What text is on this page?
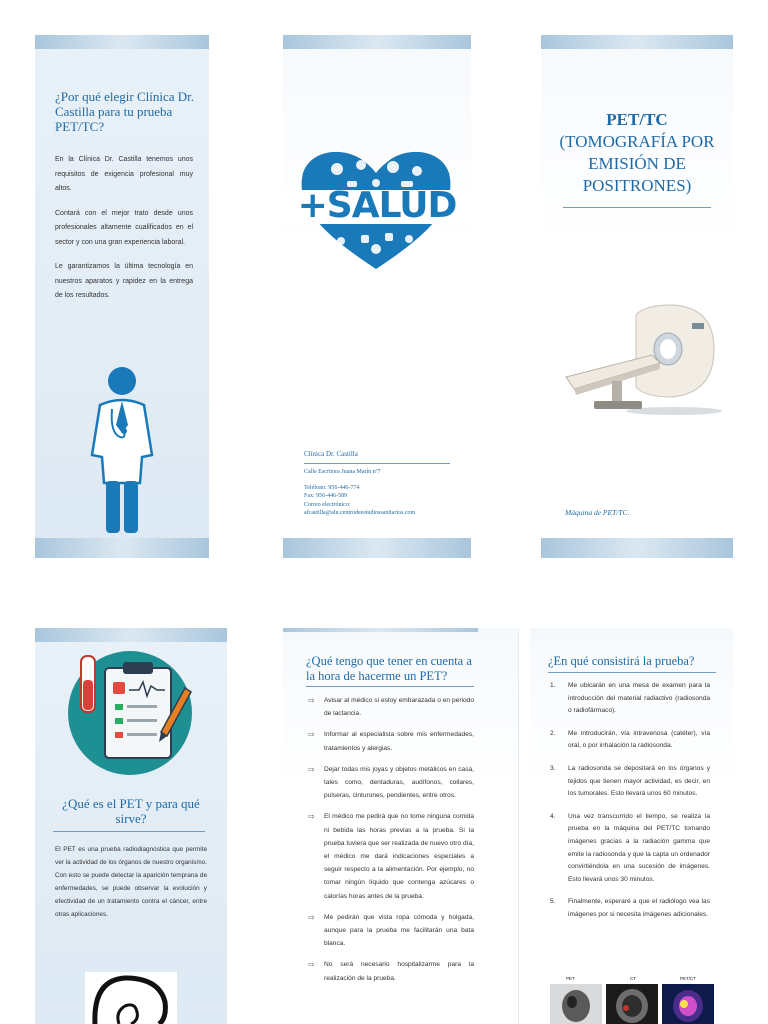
¿Por qué elegir Clínica Dr. Castilla para tu prueba PET/TC?

En la Clínica Dr. Castilla tenemos unos requisitos de exigencia profesional muy altos.

Contará con el mejor trato desde unos profesionales altamente cualificados en el sector y con una gran experiencia laboral.

Le garantizamos la última tecnología en nuestros aparatos y rapidez en la entrega de los resultados.

+SALUD
Clínica Dr. Castilla
Calle Escritora Juana Marín nº7
Teléfono: 956-446-774
Fax: 956-446-589
Correo electrónico:
afcastilla@alu.centrodeestudiossanitarios.com
PET/TC
(TOMOGRAFÍA POR EMISIÓN DE POSITRONES)
Máquina de PET/TC.
¿Qué es el PET y para qué sirve?

El PET es una prueba radiodiagnóstica que permite ver la actividad de los órganos de nuestro organismo. Con esto se puede detectar la aparición temprana de enfermedades, se puede observar la evolución y efectividad de un tratamiento contra el cáncer, entre otras aplicaciones.

¿Qué tengo que tener en cuenta a la hora de hacerme un PET?
⇨	Avisar al médico si estoy embarazada o en periodo de lactancia.
⇨	Informar al especialista sobre mis enfermedades, tratamientos y alergias.
⇨	Dejar todas mis joyas y objetos metálicos en casa, tales como, dentaduras, audífonos, collares, pulseras, cinturones, pendientes, entre otros.
⇨	El médico me pedirá que no tome ninguna comida ni bebida las horas previas a la prueba. Si la prueba tuviera que ser realizada de nuevo otro día, el médico me dará indicaciones especiales a seguir respecto a la alimentación. Por ejemplo, no tomar ningún líquido que contenga azúcares o calorías horas antes de la prueba.
⇨	Me pedirán que vista ropa cómoda y holgada, aunque para la prueba me facilitarán una bata blanca.
⇨	No será necesario hospitalizarme para la realización de la prueba.
¿En qué consistirá la prueba?
1.	Me ubicarán en una mesa de examen para la introducción del material radiactivo (radiosonda o radiofármaco).
2.	Me introducirán, vía intravenosa (catéter), vía oral, o por inhalación la radiosonda.
3.	La radiosonda se depositará en los órganos y tejidos que tienen mayor actividad, es decir, en los tumorales. Esto llevará unos 60 minutos.
4.	Una vez transcurrido el tiempo, se realiza la prueba en la máquina del PET/TC tomando imágenes gracias a la radiación gamma que emite la radiosonda y que la capta un ordenador convirtiéndola en una sucesión de imágenes. Esto llevará unos 30 minutos.
5.	Finalmente, esperaré a que el radiólogo vea las imágenes por si necesita imágenes adicionales.
PET	CT	PET/CT
